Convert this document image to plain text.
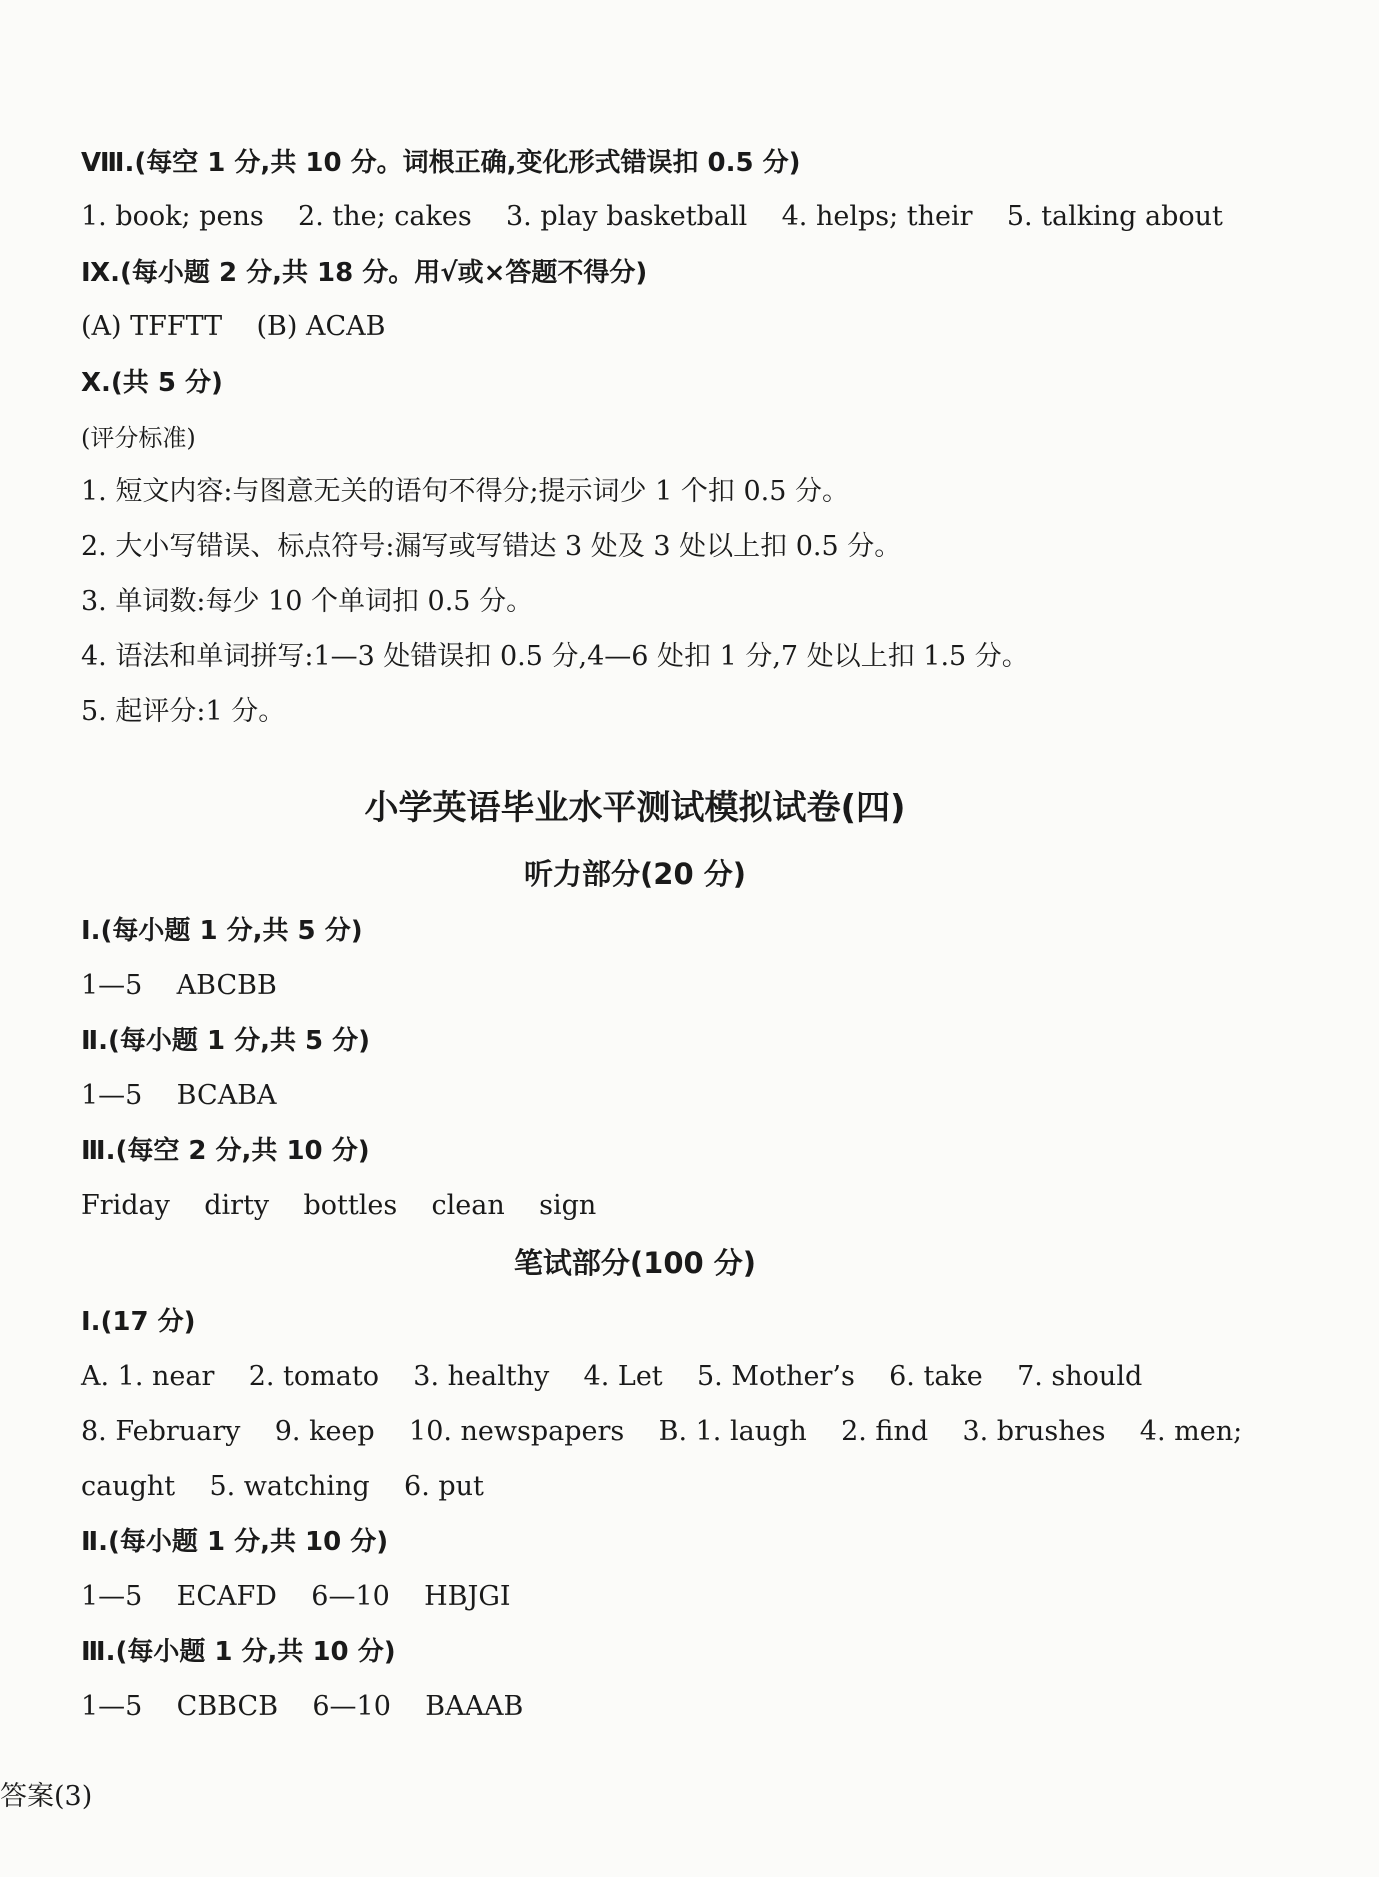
Ⅷ.(每空 1 分,共 10 分。词根正确,变化形式错误扣 0.5 分)
1. book; pens    2. the; cakes    3. play basketball    4. helps; their    5. talking about
Ⅸ.(每小题 2 分,共 18 分。用√或×答题不得分)
(A) TFFTT    (B) ACAB
Ⅹ.(共 5 分)
(评分标准)
1. 短文内容:与图意无关的语句不得分;提示词少 1 个扣 0.5 分。
2. 大小写错误、标点符号:漏写或写错达 3 处及 3 处以上扣 0.5 分。
3. 单词数:每少 10 个单词扣 0.5 分。
4. 语法和单词拼写:1—3 处错误扣 0.5 分,4—6 处扣 1 分,7 处以上扣 1.5 分。
5. 起评分:1 分。
小学英语毕业水平测试模拟试卷(四)
听力部分(20 分)
Ⅰ.(每小题 1 分,共 5 分)
1—5    ABCBB
Ⅱ.(每小题 1 分,共 5 分)
1—5    BCABA
Ⅲ.(每空 2 分,共 10 分)
Friday    dirty    bottles    clean    sign
笔试部分(100 分)
Ⅰ.(17 分)
A. 1. near    2. tomato    3. healthy    4. Let    5. Mother’s    6. take    7. should
8. February    9. keep    10. newspapers    B. 1. laugh    2. find    3. brushes    4. men;
caught    5. watching    6. put
Ⅱ.(每小题 1 分,共 10 分)
1—5    ECAFD    6—10    HBJGI
Ⅲ.(每小题 1 分,共 10 分)
1—5    CBBCB    6—10    BAAAB
答案(3)
